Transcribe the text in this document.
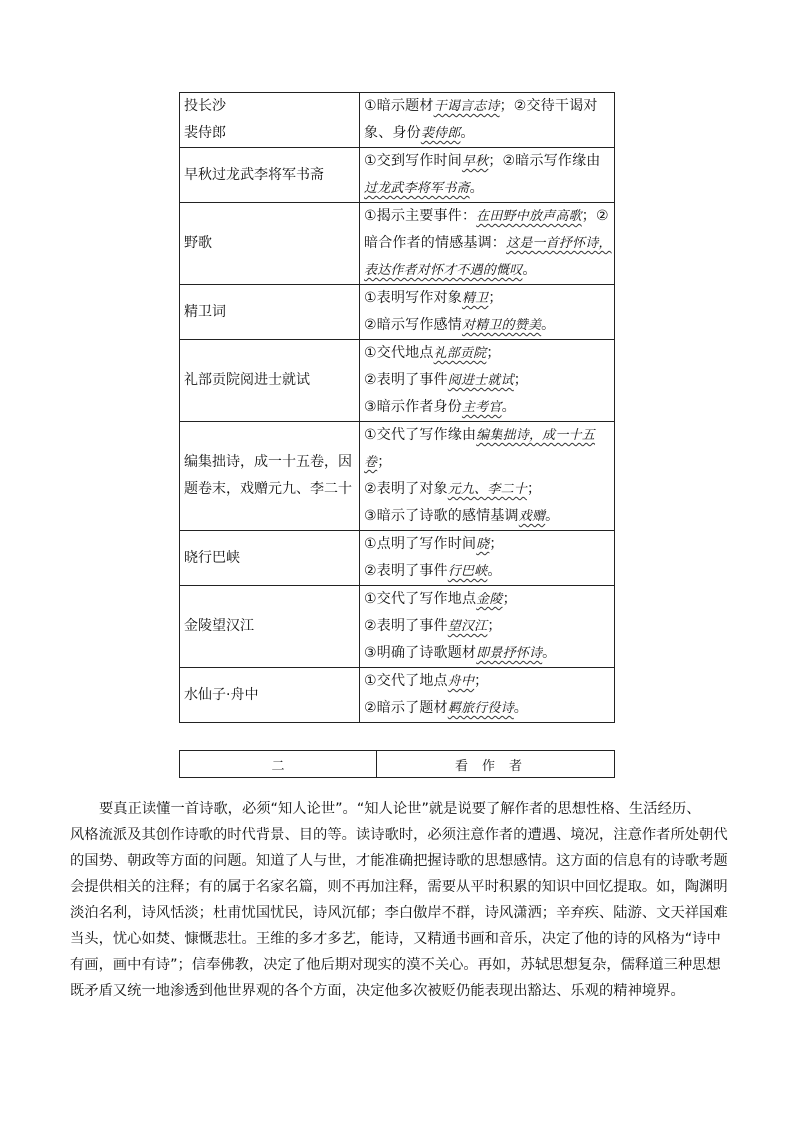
投长沙
裴侍郎	①暗示题材干谒言志诗；②交待干谒对
象、身份裴侍郎。

早秋过龙武李将军书斋	①交到写作时间早秋；②暗示写作缘由
过龙武李将军书斋。

野歌	①揭示主要事件：在田野中放声高歌；②
暗合作者的情感基调：这是一首抒怀诗，
表达作者对怀才不遇的慨叹。

精卫词	①表明写作对象精卫；
②暗示写作感情对精卫的赞美。

礼部贡院阅进士就试	①交代地点礼部贡院；
②表明了事件阅进士就试；
③暗示作者身份主考官。

编集拙诗，成一十五卷，因
题卷末，戏赠元九、李二十	①交代了写作缘由编集拙诗，成一十五
卷；
②表明了对象元九、李二十；
③暗示了诗歌的感情基调戏赠。

晓行巴峡	①点明了写作时间晓；
②表明了事件行巴峡。

金陵望汉江	①交代了写作地点金陵；
②表明了事件望汉江；
③明确了诗歌题材即景抒怀诗。

水仙子·舟中	①交代了地点舟中；
②暗示了题材羁旅行役诗。
二	看作者
要真正读懂一首诗歌，必须“知人论世”。“知人论世”就是说要了解作者的思想性格、生活经历、
风格流派及其创作诗歌的时代背景、目的等。读诗歌时，必须注意作者的遭遇、境况，注意作者所处朝代
的国势、朝政等方面的问题。知道了人与世，才能准确把握诗歌的思想感情。这方面的信息有的诗歌考题
会提供相关的注释；有的属于名家名篇，则不再加注释，需要从平时积累的知识中回忆提取。如，陶渊明
淡泊名利，诗风恬淡；杜甫忧国忧民，诗风沉郁；李白傲岸不群，诗风潇洒；辛弃疾、陆游、文天祥国难
当头，忧心如焚、慷慨悲壮。王维的多才多艺，能诗，又精通书画和音乐，决定了他的诗的风格为“诗中
有画，画中有诗”；信奉佛教，决定了他后期对现实的漠不关心。再如，苏轼思想复杂，儒释道三种思想
既矛盾又统一地渗透到他世界观的各个方面，决定他多次被贬仍能表现出豁达、乐观的精神境界。
